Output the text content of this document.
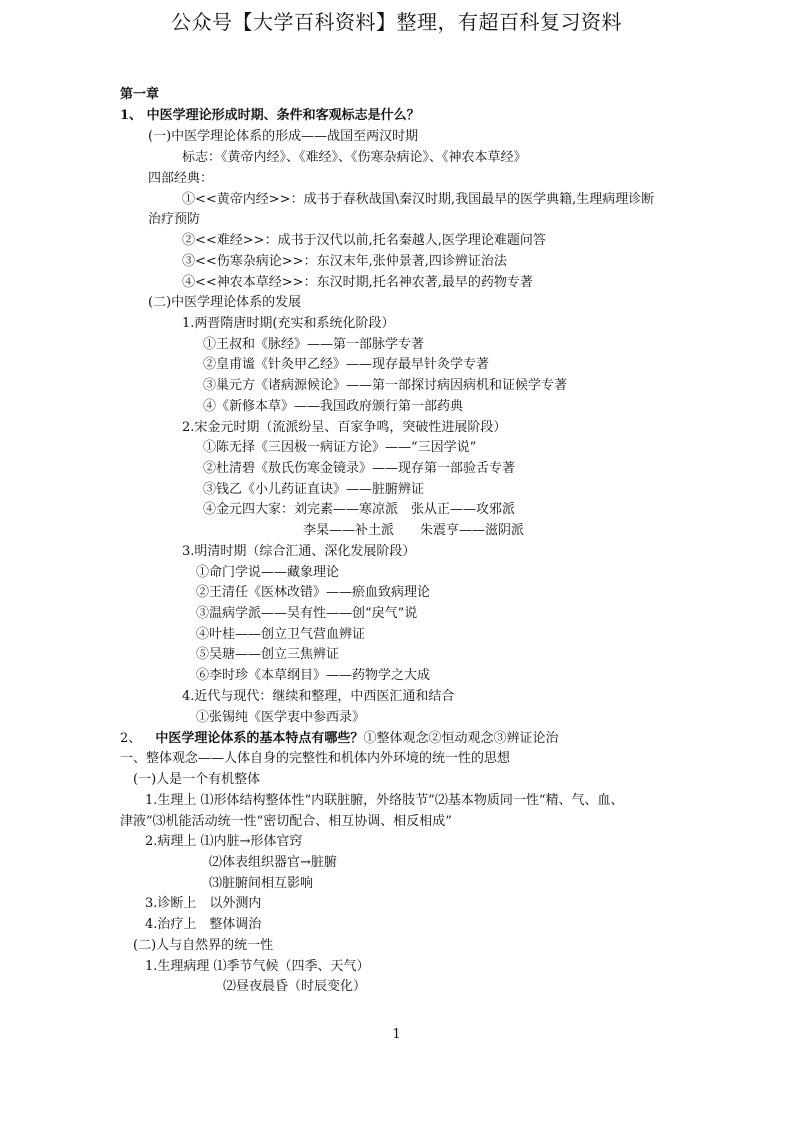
公众号【大学百科资料】整理，有超百科复习资料
第一章
1、 中医学理论形成时期、条件和客观标志是什么？
(一)中医学理论体系的形成——战国至两汉时期
标志：《黄帝内经》、《难经》、《伤寒杂病论》、《神农本草经》
四部经典：
①<<黄帝内经>>：成书于春秋战国\秦汉时期,我国最早的医学典籍,生理病理诊断
治疗预防
②<<难经>>：成书于汉代以前,托名秦越人,医学理论难题问答
③<<伤寒杂病论>>：东汉末年,张仲景著,四诊辨证治法
④<<神农本草经>>：东汉时期,托名神农著,最早的药物专著
(二)中医学理论体系的发展
1.两晋隋唐时期(充实和系统化阶段）
①王叔和《脉经》——第一部脉学专著
②皇甫谧《针灸甲乙经》——现存最早针灸学专著
③巢元方《诸病源候论》——第一部探讨病因病机和证候学专著
④《新修本草》——我国政府颁行第一部药典
2.宋金元时期（流派纷呈、百家争鸣，突破性进展阶段）
①陈无择《三因极一病证方论》——“三因学说”
②杜清碧《敖氏伤寒金镜录》——现存第一部验舌专著
③钱乙《小儿药证直诀》——脏腑辨证
④金元四大家：刘完素——寒凉派　张从正——攻邪派
李杲——补土派　　朱震亨——滋阴派
3.明清时期（综合汇通、深化发展阶段）
①命门学说——藏象理论
②王清任《医林改错》——瘀血致病理论
③温病学派——吴有性——创“戾气”说
④叶桂——创立卫气营血辨证
⑤吴瑭——创立三焦辨证
⑥李时珍《本草纲目》——药物学之大成
4.近代与现代：继续和整理，中西医汇通和结合
①张锡纯《医学衷中参西录》
2、 中医学理论体系的基本特点有哪些？①整体观念②恒动观念③辨证论治
一、整体观念——人体自身的完整性和机体内外环境的统一性的思想
(一)人是一个有机整体
1.生理上 ⑴形体结构整体性“内联脏腑，外络肢节”⑵基本物质同一性“精、气、血、
津液”⑶机能活动统一性“密切配合、相互协调、相反相成”
2.病理上 ⑴内脏→形体官窍
⑵体表组织器官→脏腑
⑶脏腑间相互影响
3.诊断上　以外测内
4.治疗上　整体调治
(二)人与自然界的统一性
1.生理病理 ⑴季节气候（四季、天气）
⑵昼夜晨昏（时辰变化）
1
